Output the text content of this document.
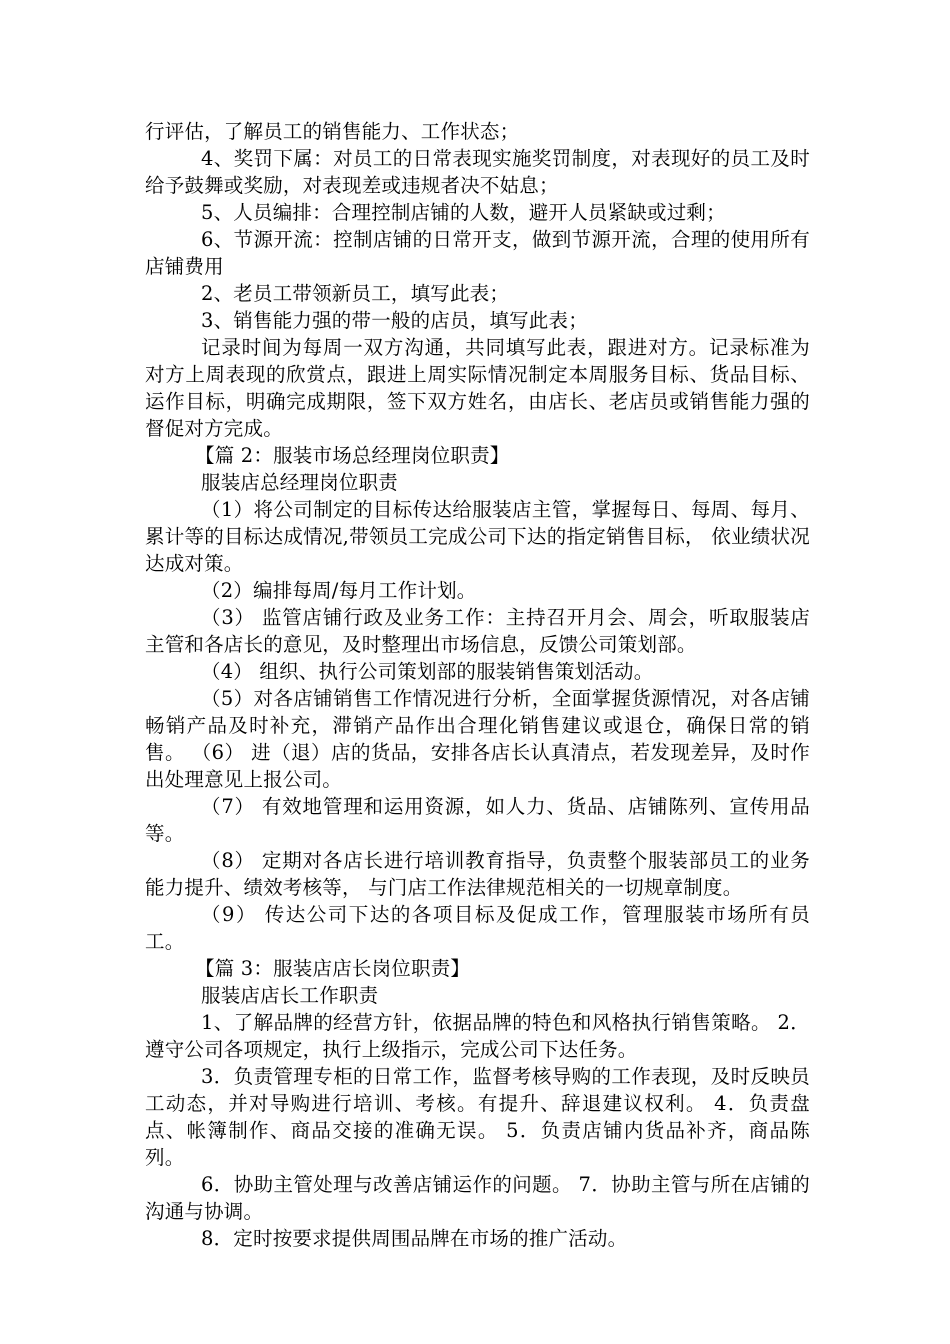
行评估，了解员工的销售能力、工作状态；

4、奖罚下属：对员工的日常表现实施奖罚制度，对表现好的员工及时给予鼓舞或奖励，对表现差或违规者决不姑息；

5、人员编排：合理控制店铺的人数，避开人员紧缺或过剩；

6、节源开流：控制店铺的日常开支，做到节源开流，合理的使用所有店铺费用

2、老员工带领新员工，填写此表；

3、销售能力强的带一般的店员，填写此表；

记录时间为每周一双方沟通，共同填写此表，跟进对方。记录标准为对方上周表现的欣赏点，跟进上周实际情况制定本周服务目标、货品目标、运作目标，明确完成期限，签下双方姓名，由店长、老店员或销售能力强的督促对方完成。

【篇 2：服装市场总经理岗位职责】

服装店总经理岗位职责

（1）将公司制定的目标传达给服装店主管，掌握每日、每周、每月、累计等的目标达成情况,带领员工完成公司下达的指定销售目标， 依业绩状况达成对策。

（2）编排每周/每月工作计划。

（3） 监管店铺行政及业务工作：主持召开月会、周会，听取服装店主管和各店长的意见，及时整理出市场信息，反馈公司策划部。

（4） 组织、执行公司策划部的服装销售策划活动。

（5）对各店铺销售工作情况进行分析，全面掌握货源情况，对各店铺畅销产品及时补充，滞销产品作出合理化销售建议或退仓，确保日常的销售。 （6） 进（退）店的货品，安排各店长认真清点，若发现差异，及时作出处理意见上报公司。

（7） 有效地管理和运用资源，如人力、货品、店铺陈列、宣传用品等。

（8） 定期对各店长进行培训教育指导，负责整个服装部员工的业务能力提升、绩效考核等， 与门店工作法律规范相关的一切规章制度。

（9） 传达公司下达的各项目标及促成工作，管理服装市场所有员工。

【篇 3：服装店店长岗位职责】

服装店店长工作职责

1、了解品牌的经营方针，依据品牌的特色和风格执行销售策略。 2．遵守公司各项规定，执行上级指示，完成公司下达任务。

3．负责管理专柜的日常工作，监督考核导购的工作表现，及时反映员工动态，并对导购进行培训、考核。有提升、辞退建议权利。 4．负责盘点、帐簿制作、商品交接的准确无误。 5．负责店铺内货品补齐，商品陈列。

6．协助主管处理与改善店铺运作的问题。 7．协助主管与所在店铺的沟通与协调。

8．定时按要求提供周围品牌在市场的推广活动。
